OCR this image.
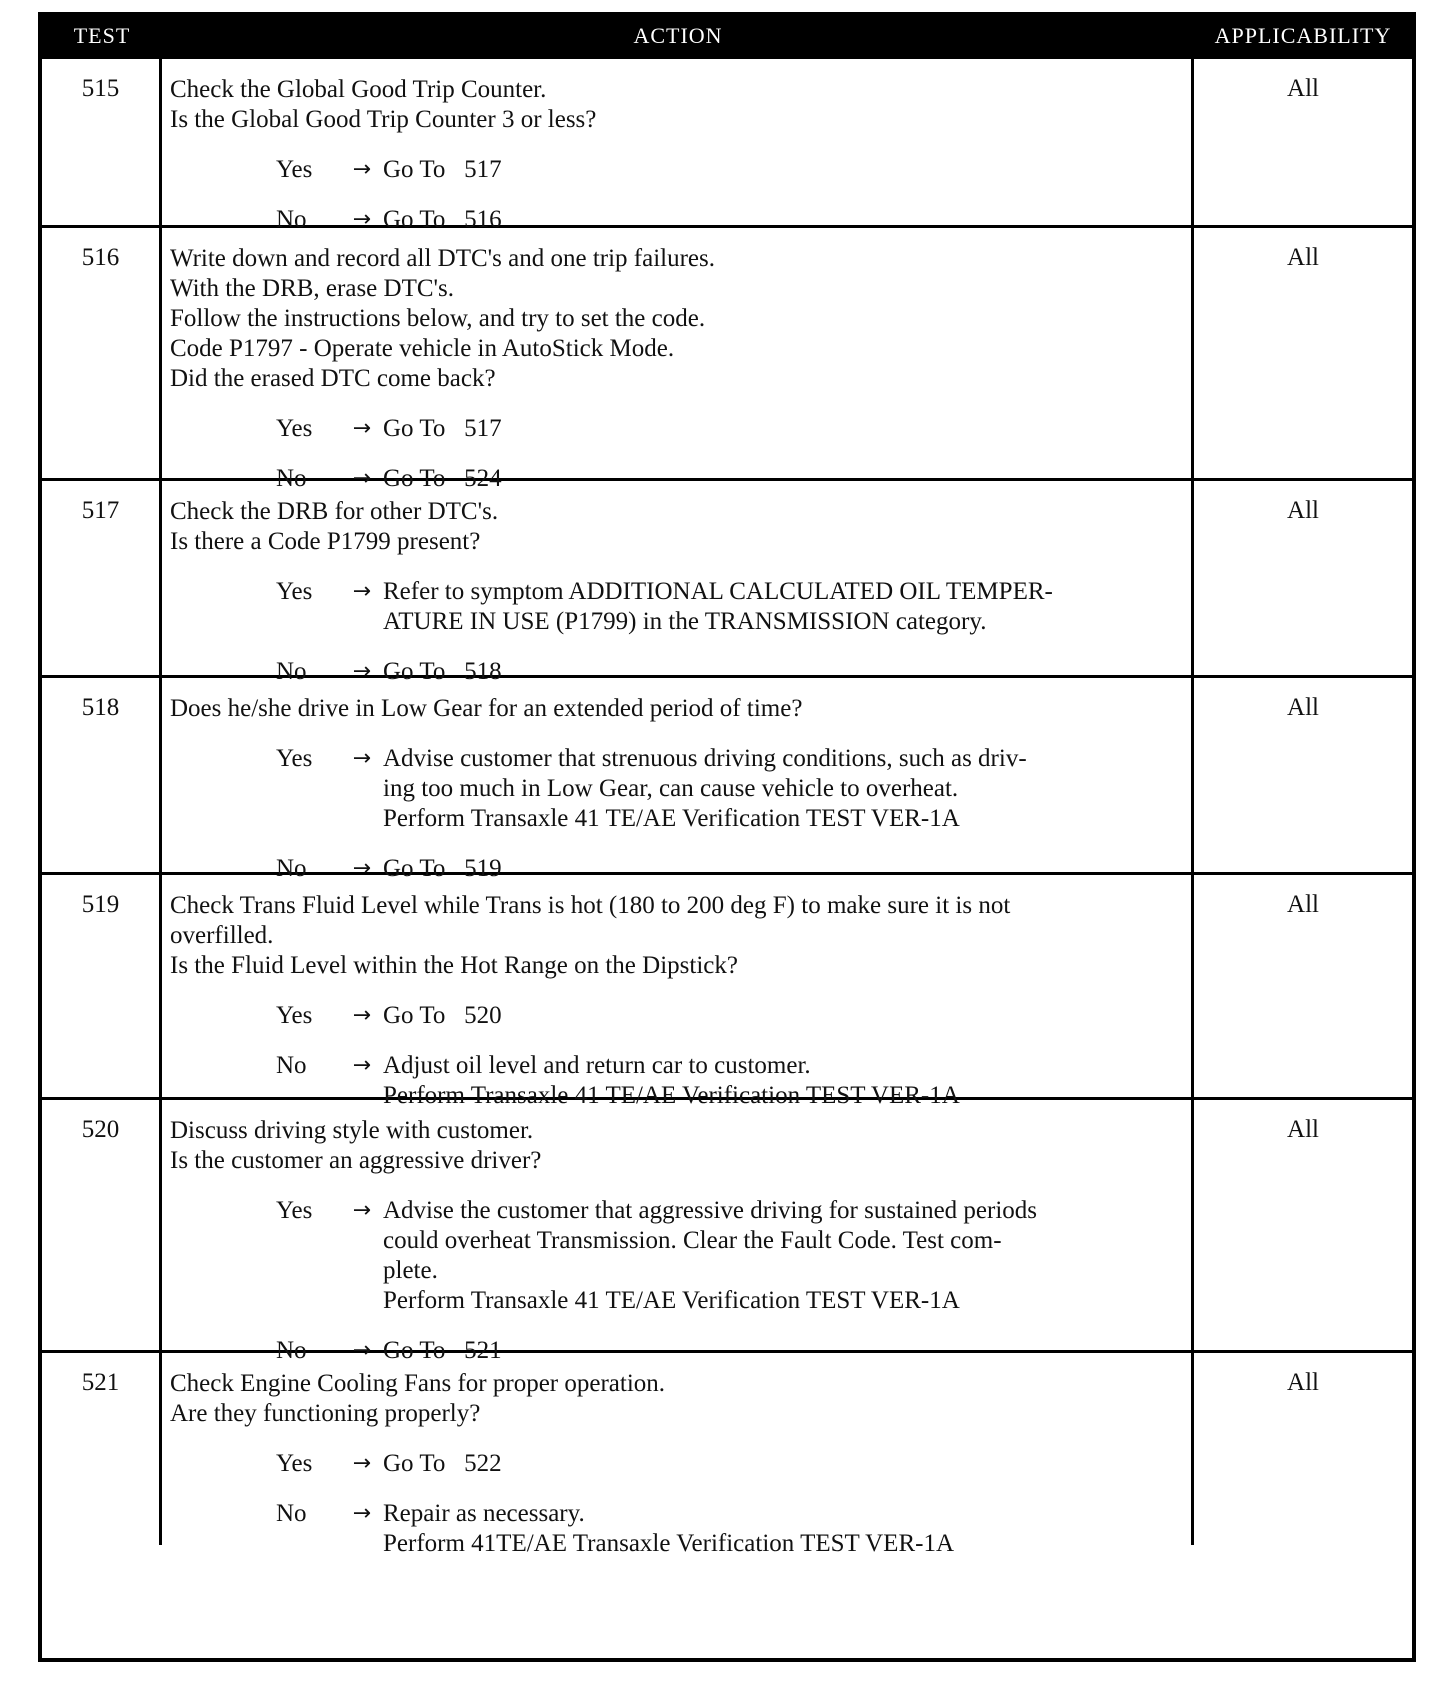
TEST	ACTION	APPLICABILITY
515	Check the Global Good Trip Counter.
Is the Global Good Trip Counter 3 or less?
Yes → Go To   517
No → Go To   516
All
516	Write down and record all DTC's and one trip failures.
With the DRB, erase DTC's.
Follow the instructions below, and try to set the code.
Code P1797 - Operate vehicle in AutoStick Mode.
Did the erased DTC come back?
Yes → Go To   517
No → Go To   524
All
517	Check the DRB for other DTC's.
Is there a Code P1799 present?
Yes → Refer to symptom ADDITIONAL CALCULATED OIL TEMPER-
ATURE IN USE (P1799) in the TRANSMISSION category.
No → Go To   518
All
518	Does he/she drive in Low Gear for an extended period of time?
Yes → Advise customer that strenuous driving conditions, such as driv-
ing too much in Low Gear, can cause vehicle to overheat.
Perform Transaxle 41 TE/AE Verification TEST VER-1A
No → Go To   519
All
519	Check Trans Fluid Level while Trans is hot (180 to 200 deg F) to make sure it is not
overfilled.
Is the Fluid Level within the Hot Range on the Dipstick?
Yes → Go To   520
No → Adjust oil level and return car to customer.
Perform Transaxle 41 TE/AE Verification TEST VER-1A
All
520	Discuss driving style with customer.
Is the customer an aggressive driver?
Yes → Advise the customer that aggressive driving for sustained periods
could overheat Transmission. Clear the Fault Code. Test com-
plete.
Perform Transaxle 41 TE/AE Verification TEST VER-1A
No → Go To   521
All
521	Check Engine Cooling Fans for proper operation.
Are they functioning properly?
Yes → Go To   522
No → Repair as necessary.
Perform 41TE/AE Transaxle Verification TEST VER-1A
All
